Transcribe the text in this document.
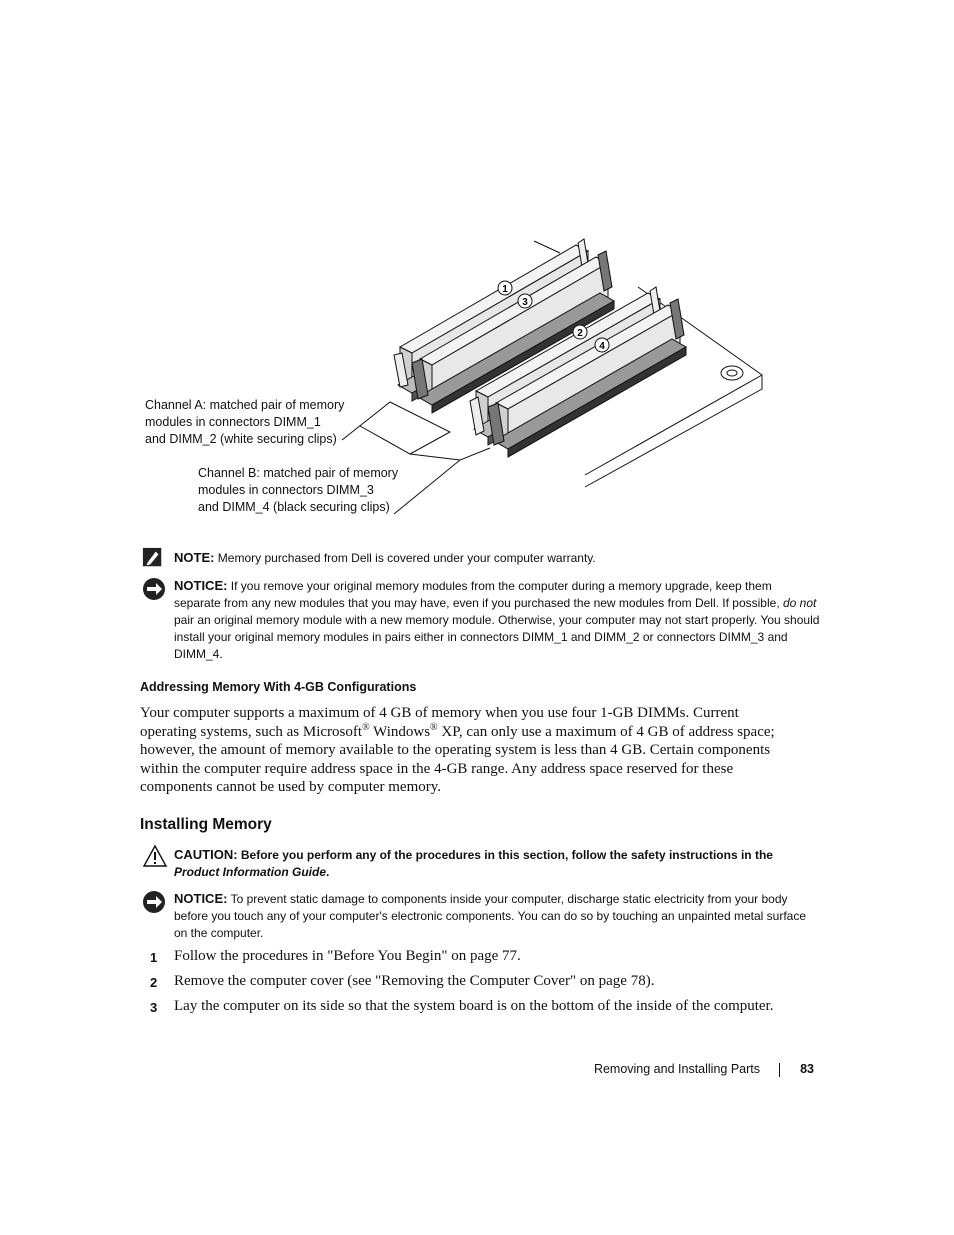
1
3
2
4
Channel A: matched pair of memory
modules in connectors DIMM_1
and DIMM_2 (white securing clips)
Channel B: matched pair of memory
modules in connectors DIMM_3
and DIMM_4 (black securing clips)
NOTE: Memory purchased from Dell is covered under your computer warranty.
NOTICE: If you remove your original memory modules from the computer during a memory upgrade, keep them separate from any new modules that you may have, even if you purchased the new modules from Dell. If possible, do not pair an original memory module with a new memory module. Otherwise, your computer may not start properly. You should install your original memory modules in pairs either in connectors DIMM_1 and DIMM_2 or connectors DIMM_3 and DIMM_4.
Addressing Memory With 4-GB Configurations
Your computer supports a maximum of 4 GB of memory when you use four 1-GB DIMMs. Current
operating systems, such as Microsoft® Windows® XP, can only use a maximum of 4 GB of address space;
however, the amount of memory available to the operating system is less than 4 GB. Certain components
within the computer require address space in the 4-GB range. Any address space reserved for these
components cannot be used by computer memory.
Installing Memory
CAUTION: Before you perform any of the procedures in this section, follow the safety instructions in the Product Information Guide.
NOTICE: To prevent static damage to components inside your computer, discharge static electricity from your body before you touch any of your computer's electronic components. You can do so by touching an unpainted metal surface on the computer.
1 Follow the procedures in "Before You Begin" on page 77.
2 Remove the computer cover (see "Removing the Computer Cover" on page 78).
3 Lay the computer on its side so that the system board is on the bottom of the inside of the computer.
Removing and Installing Parts	83
